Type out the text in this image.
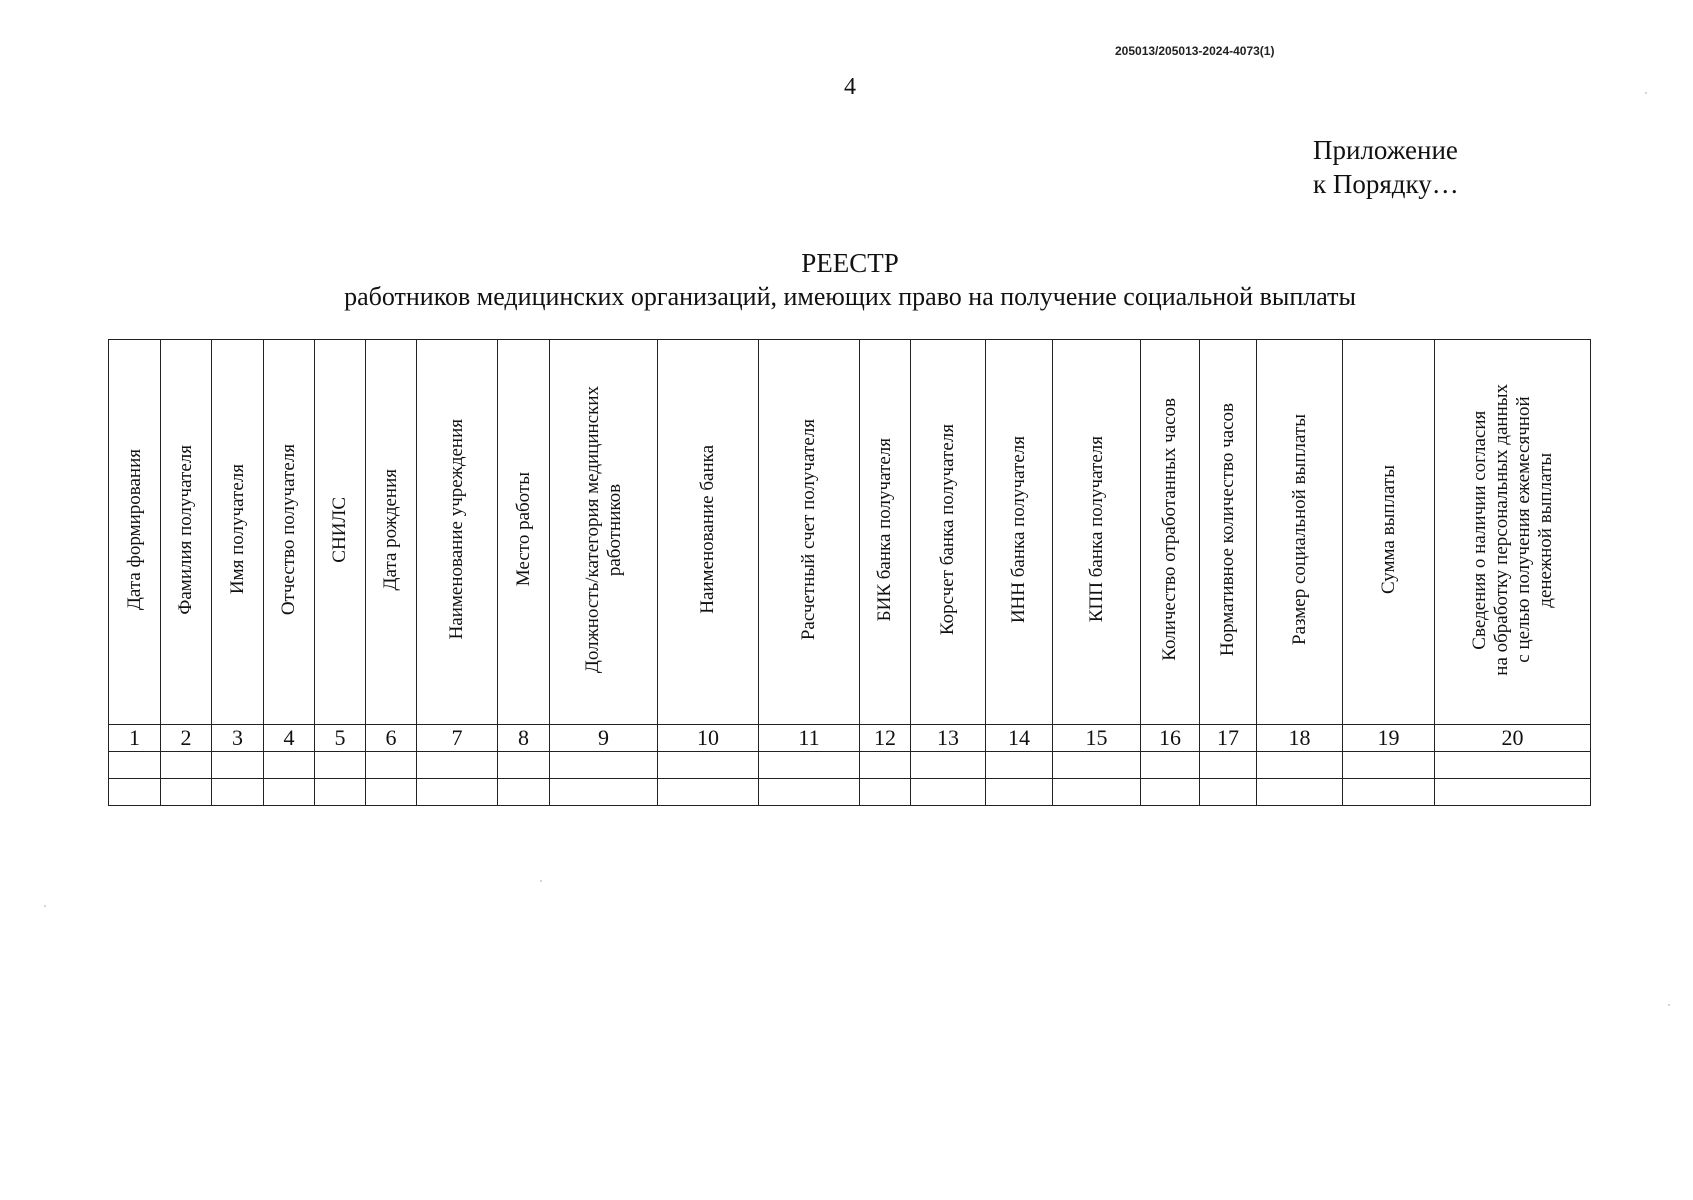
205013/205013-2024-4073(1)
4
Приложение
к Порядку…
РЕЕСТР
работников медицинских организаций, имеющих право на получение социальной выплаты
Дата формирования	Фамилия получателя	Имя получателя	Отчество получателя	СНИЛС	Дата рождения	Наименование учреждения	Место работы	Должность/категория медицинских
работников	Наименование банка	Расчетный счет получателя	БИК банка получателя	Корсчет банка получателя	ИНН банка получателя	КПП банка получателя	Количество отработанных часов	Нормативное количество часов	Размер социальной выплаты	Сумма выплаты	Сведения о наличии согласия
на обработку персональных данных
с целью получения ежемесячной
денежной выплаты
1	2	3	4	5	6	7	8	9	10	11	12	13	14	15	16	17	18	19	20
